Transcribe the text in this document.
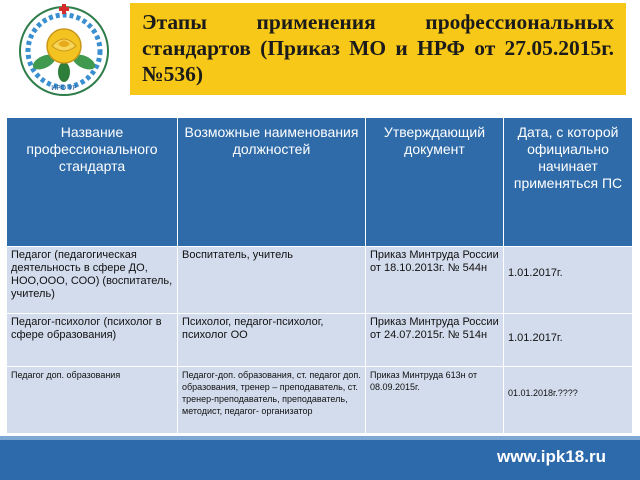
ИРО УР
Этапы применения профессиональных стандартов (Приказ МО и НРФ от 27.05.2015г. №536)
Название профессионального стандарта	Возможные наименования должностей	Утверждающий документ	Дата, с которой официально начинает применяться ПС
Педагог (педагогическая деятельность в сфере ДО, НОО,ООО, СОО) (воспитатель, учитель)	Воспитатель, учитель	Приказ Минтруда России от 18.10.2013г. № 544н	1.01.2017г.
Педагог-психолог (психолог в сфере образования)	Психолог, педагог-психолог, психолог ОО	Приказ Минтруда России от 24.07.2015г. № 514н	1.01.2017г.
Педагог доп. образования	Педагог-доп. образования, ст. педагог доп. образования, тренер – преподаватель, ст. тренер-преподаватель, преподаватель, методист, педагог- организатор	Приказ Минтруда 613н от 08.09.2015г.	01.01.2018г.????
www.ipk18.ru
